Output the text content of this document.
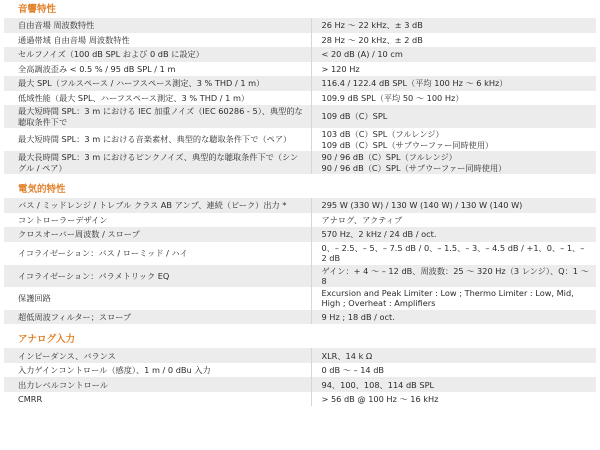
音響特性
自由音場 周波数特性	26 Hz ～ 22 kHz、± 3 dB
通過帯域 自由音場 周波数特性	28 Hz ～ 20 kHz、± 2 dB
セルフノイズ（100 dB SPL および 0 dB に設定）	< 20 dB (A) / 10 cm
全高調波歪み < 0.5 % / 95 dB SPL / 1 m	> 120 Hz
最大 SPL（フルスペース / ハーフスペース測定、3 % THD / 1 m）	116.4 / 122.4 dB SPL（平均 100 Hz ～ 6 kHz）
低域性能（最大 SPL、ハーフスペース測定、3 % THD / 1 m）	109.9 dB SPL（平均 50 ～ 100 Hz）
最大短時間 SPL：3 m における IEC 加重ノイズ（IEC 60286 - 5）、典型的な聴取条件下で	109 dB（C）SPL
最大短時間 SPL：3 m における音楽素材、典型的な聴取条件下で（ペア）	103 dB（C）SPL（フルレンジ）
109 dB（C）SPL（サブウーファー同時使用）
最大長時間 SPL：3 m におけるピンクノイズ、典型的な聴取条件下で（シングル / ペア）	90 / 96 dB（C）SPL（フルレンジ）
90 / 96 dB（C）SPL（サブウーファー同時使用）
電気的特性
バス / ミッドレンジ / トレブル クラス AB アンプ、連続（ピーク）出力 *	295 W (330 W) / 130 W (140 W) / 130 W (140 W)
コントローラーデザイン	アナログ、アクティブ
クロスオーバー周波数 / スロープ	570 Hz、2 kHz / 24 dB / oct.
イコライゼーション：バス / ローミッド / ハイ	0、– 2.5、– 5、– 7.5 dB / 0、– 1.5、– 3、– 4.5 dB / +1、0、– 1、– 2 dB
イコライゼーション：パラメトリック EQ	ゲイン：+ 4 ～ – 12 dB、周波数：25 ～ 320 Hz（3 レンジ）、Q：1 ～ 8
保護回路	Excursion and Peak Limiter : Low ; Thermo Limiter : Low, Mid, High ; Overheat : Amplifiers
超低周波フィルター；スロープ	9 Hz ; 18 dB / oct.
アナログ入力
インピーダンス、バランス	XLR、14 k Ω
入力ゲインコントロール（感度）、1 m / 0 dBu 入力	0 dB ～ – 14 dB
出力レベルコントロール	94、100、108、114 dB SPL
CMRR	> 56 dB @ 100 Hz ～ 16 kHz
